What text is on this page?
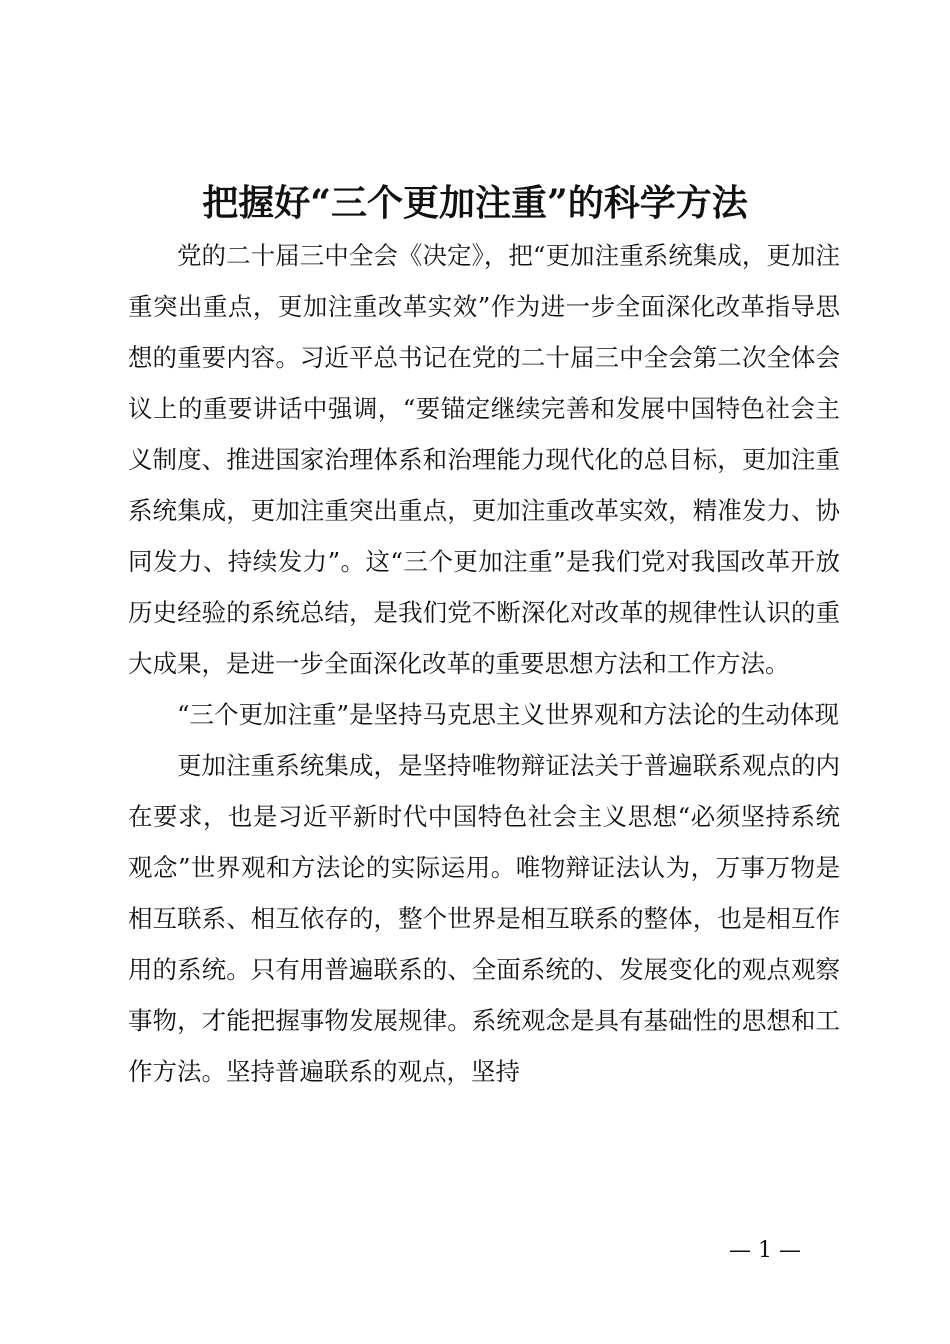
把握好“三个更加注重”的科学方法

党的二十届三中全会《决定》，把“更加注重系统集成，更加注重突出重点，更加注重改革实效”作为进一步全面深化改革指导思想的重要内容。习近平总书记在党的二十届三中全会第二次全体会议上的重要讲话中强调，“要锚定继续完善和发展中国特色社会主义制度、推进国家治理体系和治理能力现代化的总目标，更加注重系统集成，更加注重突出重点，更加注重改革实效，精准发力、协同发力、持续发力”。这“三个更加注重”是我们党对我国改革开放历史经验的系统总结，是我们党不断深化对改革的规律性认识的重大成果，是进一步全面深化改革的重要思想方法和工作方法。

“三个更加注重”是坚持马克思主义世界观和方法论的生动体现

更加注重系统集成，是坚持唯物辩证法关于普遍联系观点的内在要求，也是习近平新时代中国特色社会主义思想“必须坚持系统观念”世界观和方法论的实际运用。唯物辩证法认为，万事万物是相互联系、相互依存的，整个世界是相互联系的整体，也是相互作用的系统。只有用普遍联系的、全面系统的、发展变化的观点观察事物，才能把握事物发展规律。系统观念是具有基础性的思想和工作方法。坚持普遍联系的观点，坚持

— 1 —
